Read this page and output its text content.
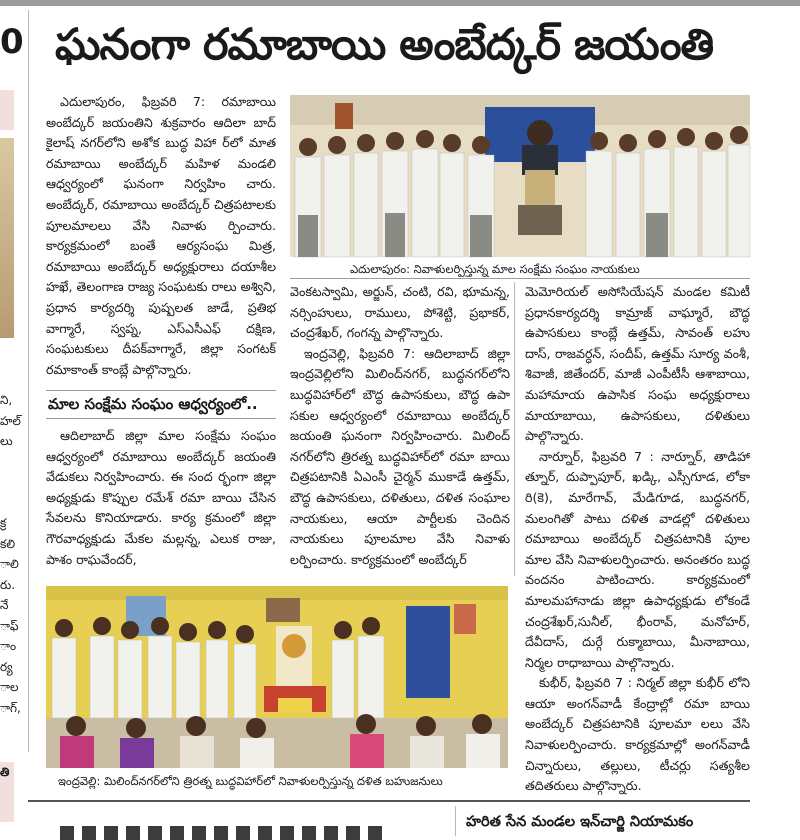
0
ని,
హల్
లు
క్ర
కలి
ాలి
రు.
నే
ాఫ్
ాం
ర్య
ాల
ాగ్,
తి
ఘనంగా రమాబాయి అంబేద్కర్ జయంతి

ఎదులాపురం, ఫిబ్రవరి 7: రమాబాయి అంబేద్కర్ జయంతిని శుక్రవారం ఆదిలా బాద్ కైలాష్ నగర్‌లోని అశోక బుద్ధ విహా ర్‌లో మాత రమాబాయి అంబేద్కర్ మహిళ మండలి ఆధ్వర్యంలో ఘనంగా నిర్వహిం చారు. అంబేద్కర్, రమాబాయి అంబేద్కర్ చిత్రపటాలకు పూలమాలలు వేసి నివాళు ర్పించారు. కార్యక్రమంలో బంతే ఆర్యసంఘ మిత్ర, రమాబాయి అంబేద్కర్ అధ్యక్షురాలు దయాశీల హఖే, తెలంగాణ రాజ్య సంఘటకు రాలు అశ్విని, ప్రధాన కార్యదర్శి పుష్పలత జాడే, ప్రతిభ వాగ్మారే, స్వప్న, ఎస్ఎసీఎఫ్ దక్షిణ, సంఘటకులు దీపక్‌వాగ్మారే, జిల్లా సంగటక్ రమాకాంత్ కాంబ్లే పాల్గొన్నారు.

మాల సంక్షేమ సంఘం ఆధ్వర్యంలో..

ఆదిలాబాద్ జిల్లా మాల సంక్షేమ సంఘం ఆధ్వర్యంలో రమాబాయి అంబేద్కర్ జయంతి వేడుకలు నిర్వహించారు. ఈ సంద ర్భంగా జిల్లా అధ్యక్షుడు కొప్పుల రమేశ్ రమా బాయి చేసిన సేవలను కొనియాడారు. కార్య క్రమంలో జిల్లా గౌరవాధ్యక్షుడు మేకల మల్లన్న, ఎలుక రాజు, పాశం రాఘవేందర్,

ఎదులాపురం: నివాళులర్పిస్తున్న మాల సంక్షేమ సంఘం నాయకులు

వెంకటస్వామి, అర్జున్, చంటి, రవి, భూమన్న, నర్సింహులు, రాములు, పోశెట్టి, ప్రభాకర్, చంద్రశేఖర్, గంగన్న పాల్గొన్నారు.

ఇంద్రవెల్లి, ఫిబ్రవరి 7: ఆదిలాబాద్ జిల్లా ఇంద్రవెల్లిలోని మిలింద్‌నగర్, బుద్ధనగర్‌లోని బుద్ధవిహార్‌లో బౌద్ధ ఉపాసకులు, బౌద్ధ ఉపా సకుల ఆధ్వర్యంలో రమాబాయి అంబేద్కర్ జయంతి ఘనంగా నిర్వహించారు. మిలింద్ నగర్‌లోని త్రిరత్న బుద్ధవిహార్‌లో రమా బాయి చిత్రపటానికి ఏఎంసీ చైర్మన్ ముకాడే ఉత్తమ్, బౌద్ధ ఉపాసకులు, దళితులు, దళిత సంఘాల నాయకులు, ఆయా పార్టీలకు చెందిన నాయకులు పూలమాల వేసి నివాళు లర్పించారు. కార్యక్రమంలో అంబేద్కర్

మెమోరియల్ అసోసియేషన్ మండల కమిటీ ప్రధానకార్యదర్శి కామ్రాజ్ వాఘ్మారే, బౌద్ధ ఉపాసకులు కాంబ్లే ఉత్తమ్, సావంత్ లహు దాస్, రాజవర్ధన్, సందీప్, ఉత్తమ్ సూర్య వంశీ, శివాజీ, జితేందర్, మాజీ ఎంపీటీసీ ఆశాబాయి, మహామాయ ఉపాసిక సంఘ అధ్యక్షురాలు మాయాబాయి, ఉపాసకులు, దళితులు పాల్గొన్నారు.

నార్నూర్, ఫిబ్రవరి 7 : నార్నూర్, తాడిహా త్నూర్, దుప్పాపూర్, ఖడ్కి, ఎస్సీగూడ, లోకా రి(కె), మారేగావ్, మేడిగూడ, బుద్ధనగర్, మలంగితో పాటు దళిత వాడల్లో దళితులు రమాబాయి అంబేద్కర్ చిత్రపటానికి పూల మాల వేసి నివాళులర్పించారు. అనంతరం బుద్ధ వందనం పాటించారు. కార్యక్రమంలో మాలమహానాడు జిల్లా ఉపాధ్యక్షుడు లోకండే చంద్రశేఖర్,సునీల్, భీంరావ్, మనోహర్, దేవీదాస్, దుర్గే రుక్మాబాయి, మీనాబాయి, నిర్మల రాధాబాయి పాల్గొన్నారు.

కుభీర్, ఫిబ్రవరి 7 : నిర్మల్ జిల్లా కుభీర్ లోని ఆయా అంగన్‌వాడీ కేంద్రాల్లో రమా బాయి అంబేద్కర్ చిత్రపటానికి పూలమా లలు వేసి నివాళులర్పించారు. కార్యక్రమాల్లో అంగన్‌వాడీ చిన్నారులు, తల్లులు, టీచర్లు సత్యశీల తదితరులు పాల్గొన్నారు.

ఇంద్రవెల్లి: మిలింద్‌నగర్‌లోని త్రిరత్న బుద్ధవిహార్‌లో నివాళులర్పిస్తున్న దళిత బహుజనులు
హరిత సేన మండల ఇన్‌చార్జి నియామకం
